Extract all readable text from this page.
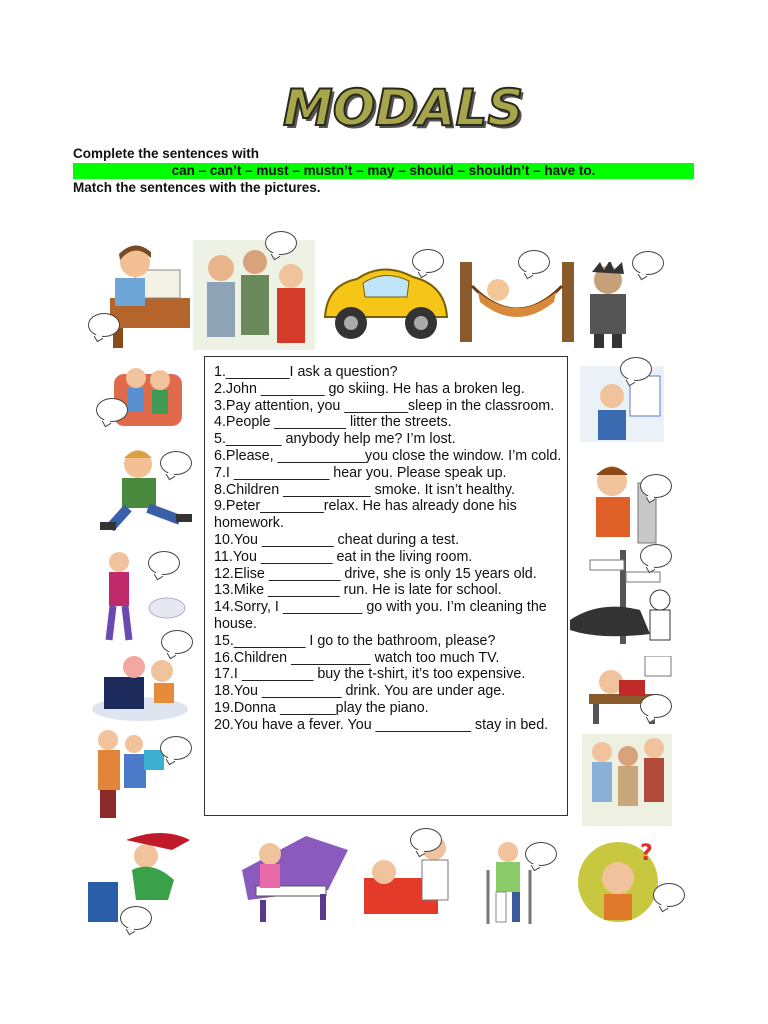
MODALS
Complete the sentences with
can – can’t – must – mustn’t – may – should – shouldn’t – have to.
Match the sentences with the pictures.
?
1.________I ask a question?
2.John ________ go skiing. He has a broken leg.
3.Pay attention, you ________sleep in the classroom.
4.People _________ litter the streets.
5._______ anybody help me? I’m lost.
6.Please, ___________you close the window. I’m cold.
7.I ____________ hear you. Please speak up.
8.Children ___________ smoke. It isn’t healthy.
9.Peter________relax. He has already done his homework.
10.You _________ cheat during a test.
11.You _________ eat in the living room.
12.Elise _________ drive, she is only 15 years old.
13.Mike _________ run. He is late for school.
14.Sorry, I __________ go with you. I’m cleaning the house.
15._________ I go to the bathroom, please?
16.Children __________ watch too much TV.
17.I _________ buy the t-shirt, it’s too expensive.
18.You __________ drink. You are under age.
19.Donna _______play the piano.
20.You have a fever. You ____________ stay in bed.
